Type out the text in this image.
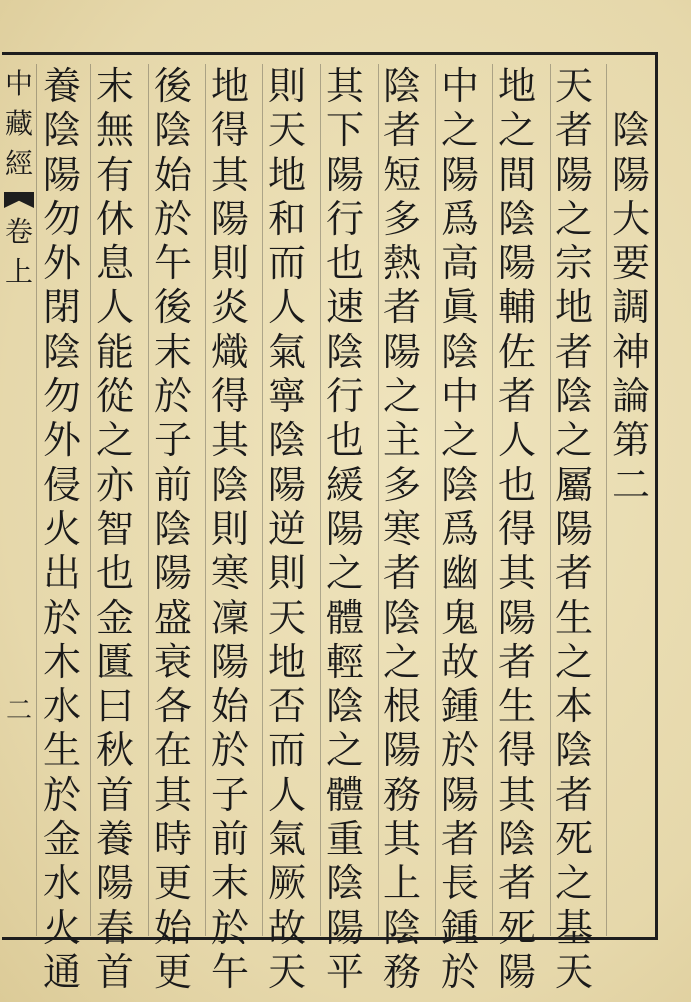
中
藏
經
卷
上
二

陰
陽
大
要
調
神
論
第
二
天
者
陽
之
宗
地
者
陰
之
屬
陽
者
生
之
本
陰
者
死
之
基
天
地
之
間
陰
陽
輔
佐
者
人
也
得
其
陽
者
生
得
其
陰
者
死
陽
中
之
陽
爲
高
眞
陰
中
之
陰
爲
幽
鬼
故
鍾
於
陽
者
長
鍾
於
陰
者
短
多
熱
者
陽
之
主
多
寒
者
陰
之
根
陽
務
其
上
陰
務
其
下
陽
行
也
速
陰
行
也
緩
陽
之
體
輕
陰
之
體
重
陰
陽
平
則
天
地
和
而
人
氣
寧
陰
陽
逆
則
天
地
否
而
人
氣
厥
故
天
地
得
其
陽
則
炎
熾
得
其
陰
則
寒
凜
陽
始
於
子
前
末
於
午
後
陰
始
於
午
後
末
於
子
前
陰
陽
盛
衰
各
在
其
時
更
始
更
末
無
有
休
息
人
能
從
之
亦
智
也
金
匱
曰
秋
首
養
陽
春
首
養
陰
陽
勿
外
閉
陰
勿
外
侵
火
出
於
木
水
生
於
金
水
火
通
